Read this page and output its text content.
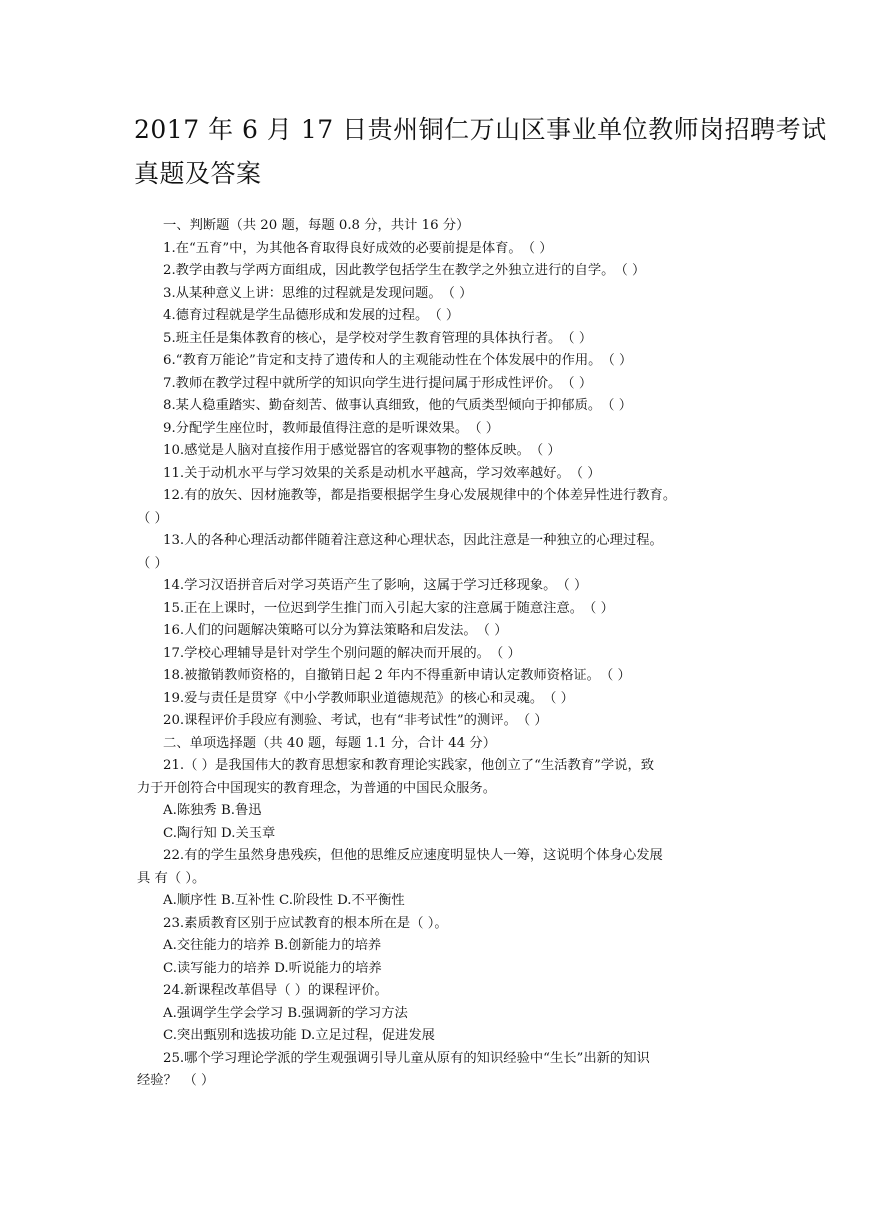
2017 年 6 月 17 日贵州铜仁万山区事业单位教师岗招聘考试
真题及答案
一、判断题（共 20 题，每题 0.8 分，共计 16 分）
1.在“五育”中，为其他各育取得良好成效的必要前提是体育。　（ ）
2.教学由教与学两方面组成，因此教学包括学生在教学之外独立进行的自学。　（ ）
3.从某种意义上讲：思维的过程就是发现问题。　（ ）
4.德育过程就是学生品德形成和发展的过程。　（ ）
5.班主任是集体教育的核心，是学校对学生教育管理的具体执行者。　（ ）
6.“教育万能论”肯定和支持了遗传和人的主观能动性在个体发展中的作用。　（ ）
7.教师在教学过程中就所学的知识向学生进行提问属于形成性评价。　（ ）
8.某人稳重踏实、勤奋刻苦、做事认真细致，他的气质类型倾向于抑郁质。　（ ）
9.分配学生座位时，教师最值得注意的是听课效果。　（ ）
10.感觉是人脑对直接作用于感觉器官的客观事物的整体反映。　（ ）
11.关于动机水平与学习效果的关系是动机水平越高，学习效率越好。　（ ）
12.有的放矢、因材施教等，都是指要根据学生身心发展规律中的个体差异性进行教育。
（ ）
13.人的各种心理活动都伴随着注意这种心理状态，因此注意是一种独立的心理过程。
（ ）
14.学习汉语拼音后对学习英语产生了影响，这属于学习迁移现象。　（ ）
15.正在上课时，一位迟到学生推门而入引起大家的注意属于随意注意。　（ ）
16.人们的问题解决策略可以分为算法策略和启发法。　（ ）
17.学校心理辅导是针对学生个别问题的解决而开展的。　（ ）
18.被撤销教师资格的，自撤销日起 2 年内不得重新申请认定教师资格证。　（ ）
19.爱与责任是贯穿《中小学教师职业道德规范》的核心和灵魂。　（ ）
20.课程评价手段应有测验、考试，也有“非考试性”的测评。　（ ）
二、单项选择题（共 40 题，每题 1.1 分，合计 44 分）
21.（ ）是我国伟大的教育思想家和教育理论实践家，他创立了“生活教育”学说，致
力于开创符合中国现实的教育理念，为普通的中国民众服务。
A.陈独秀 B.鲁迅
C.陶行知 D.关玉章
22.有的学生虽然身患残疾，但他的思维反应速度明显快人一筹，这说明个体身心发展
具 有（ ）。
A.顺序性 B.互补性 C.阶段性 D.不平衡性
23.素质教育区别于应试教育的根本所在是（ ）。
A.交往能力的培养 B.创新能力的培养
C.读写能力的培养 D.听说能力的培养
24.新课程改革倡导（ ）的课程评价。
A.强调学生学会学习 B.强调新的学习方法
C.突出甄别和选拔功能 D.立足过程，促进发展
25.哪个学习理论学派的学生观强调引导儿童从原有的知识经验中“生长”出新的知识
经验？　（ ）
